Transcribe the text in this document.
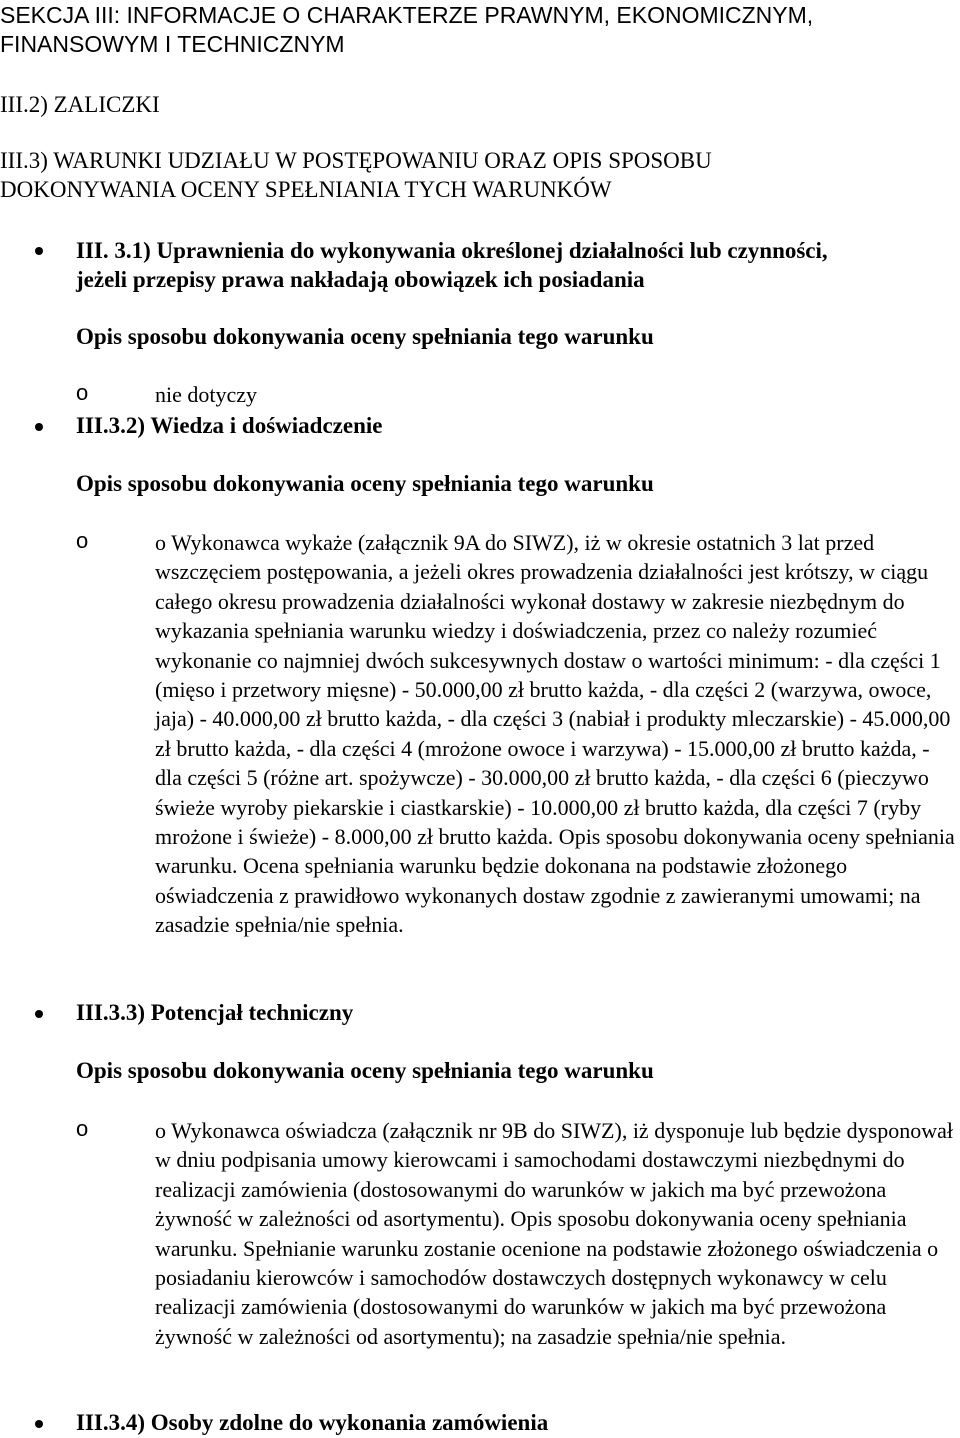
SEKCJA III: INFORMACJE O CHARAKTERZE PRAWNYM, EKONOMICZNYM,
FINANSOWYM I TECHNICZNYM
III.2) ZALICZKI
III.3) WARUNKI UDZIAŁU W POSTĘPOWANIU ORAZ OPIS SPOSOBU
DOKONYWANIA OCENY SPEŁNIANIA TYCH WARUNKÓW
III. 3.1) Uprawnienia do wykonywania określonej działalności lub czynności,
jeżeli przepisy prawa nakładają obowiązek ich posiadania
Opis sposobu dokonywania oceny spełniania tego warunku
o	nie dotyczy
III.3.2) Wiedza i doświadczenie
Opis sposobu dokonywania oceny spełniania tego warunku
o	o Wykonawca wykaże (załącznik 9A do SIWZ), iż w okresie ostatnich 3 lat przed wszczęciem postępowania, a jeżeli okres prowadzenia działalności jest krótszy, w ciągu całego okresu prowadzenia działalności wykonał dostawy w zakresie niezbędnym do wykazania spełniania warunku wiedzy i doświadczenia, przez co należy rozumieć wykonanie co najmniej dwóch sukcesywnych dostaw o wartości minimum: - dla części 1 (mięso i przetwory mięsne) - 50.000,00 zł brutto każda, - dla części 2 (warzywa, owoce, jaja) - 40.000,00 zł brutto każda, - dla części 3 (nabiał i produkty mleczarskie) - 45.000,00 zł brutto każda, - dla części 4 (mrożone owoce i warzywa) - 15.000,00 zł brutto każda, - dla części 5 (różne art. spożywcze) - 30.000,00 zł brutto każda, - dla części 6 (pieczywo świeże wyroby piekarskie i ciastkarskie) - 10.000,00 zł brutto każda, dla części 7 (ryby mrożone i świeże) - 8.000,00 zł brutto każda. Opis sposobu dokonywania oceny spełniania warunku. Ocena spełniania warunku będzie dokonana na podstawie złożonego oświadczenia z prawidłowo wykonanych dostaw zgodnie z zawieranymi umowami; na zasadzie spełnia/nie spełnia.
III.3.3) Potencjał techniczny
Opis sposobu dokonywania oceny spełniania tego warunku
o	o Wykonawca oświadcza (załącznik nr 9B do SIWZ), iż dysponuje lub będzie dysponował w dniu podpisania umowy kierowcami i samochodami dostawczymi niezbędnymi do realizacji zamówienia (dostosowanymi do warunków w jakich ma być przewożona żywność w zależności od asortymentu). Opis sposobu dokonywania oceny spełniania warunku. Spełnianie warunku zostanie ocenione na podstawie złożonego oświadczenia o posiadaniu kierowców i samochodów dostawczych dostępnych wykonawcy w celu realizacji zamówienia (dostosowanymi do warunków w jakich ma być przewożona żywność w zależności od asortymentu); na zasadzie spełnia/nie spełnia.
III.3.4) Osoby zdolne do wykonania zamówienia
